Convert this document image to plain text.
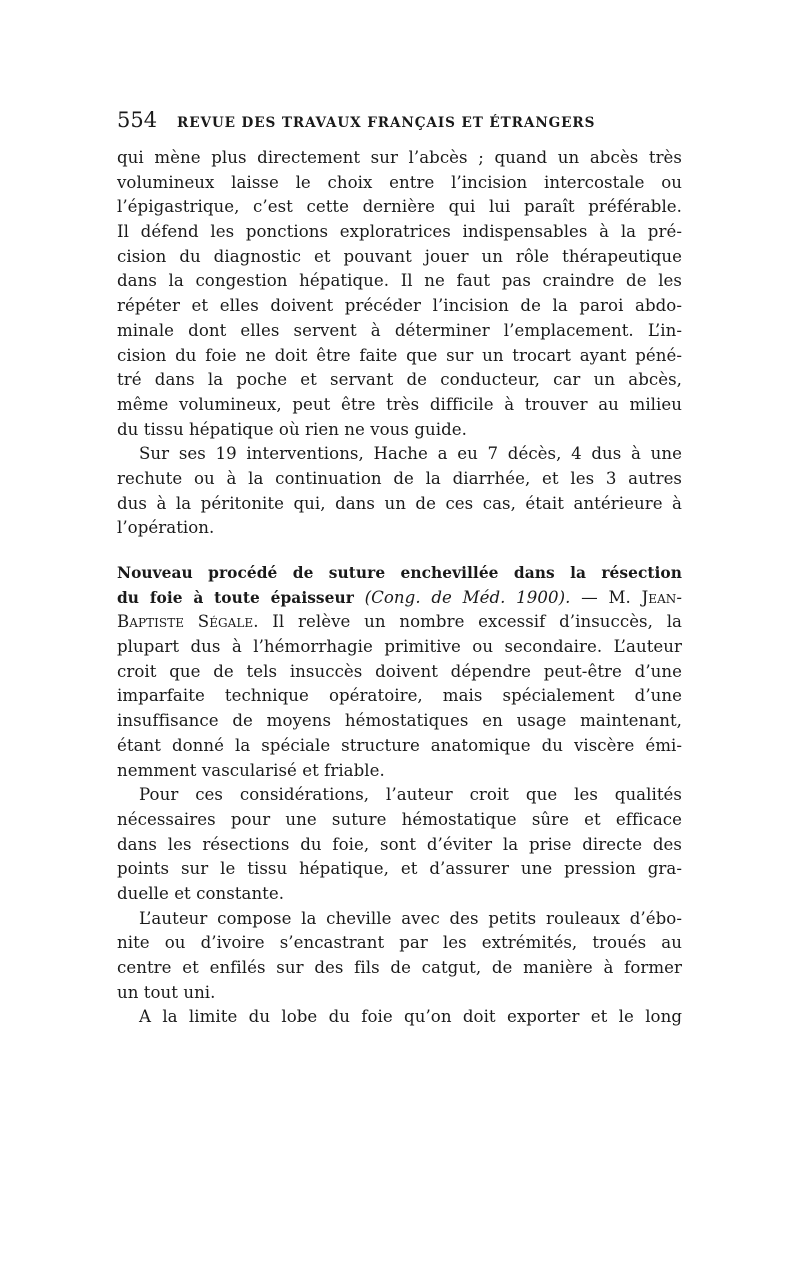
554	REVUE DES TRAVAUX FRANÇAIS ET ÉTRANGERS
qui mène plus directement sur l’abcès ; quand un abcès très
volumineux laisse le choix entre l’incision intercostale ou
l’épigastrique, c’est cette dernière qui lui paraît préférable.
Il défend les ponctions exploratrices indispensables à la pré-
cision du diagnostic et pouvant jouer un rôle thérapeutique
dans la congestion hépatique. Il ne faut pas craindre de les
répéter et elles doivent précéder l’incision de la paroi abdo-
minale dont elles servent à déterminer l’emplacement. L’in-
cision du foie ne doit être faite que sur un trocart ayant péné-
tré dans la poche et servant de conducteur, car un abcès,
même volumineux, peut être très difficile à trouver au milieu
du tissu hépatique où rien ne vous guide.
Sur ses 19 interventions, Hache a eu 7 décès, 4 dus à une
rechute ou à la continuation de la diarrhée, et les 3 autres
dus à la péritonite qui, dans un de ces cas, était antérieure à
l’opération.
Nouveau procédé de suture enchevillée dans la résection
du foie à toute épaisseur (Cong. de Méd. 1900). — M. Jean-
Baptiste Ségale. Il relève un nombre excessif d’insuccès, la
plupart dus à l’hémorrhagie primitive ou secondaire. L’auteur
croit que de tels insuccès doivent dépendre peut-être d’une
imparfaite technique opératoire, mais spécialement d’une
insuffisance de moyens hémostatiques en usage maintenant,
étant donné la spéciale structure anatomique du viscère émi-
nemment vascularisé et friable.
Pour ces considérations, l’auteur croit que les qualités
nécessaires pour une suture hémostatique sûre et efficace
dans les résections du foie, sont d’éviter la prise directe des
points sur le tissu hépatique, et d’assurer une pression gra-
duelle et constante.
L’auteur compose la cheville avec des petits rouleaux d’ébo-
nite ou d’ivoire s’encastrant par les extrémités, troués au
centre et enfilés sur des fils de catgut, de manière à former
un tout uni.
A la limite du lobe du foie qu’on doit exporter et le long
